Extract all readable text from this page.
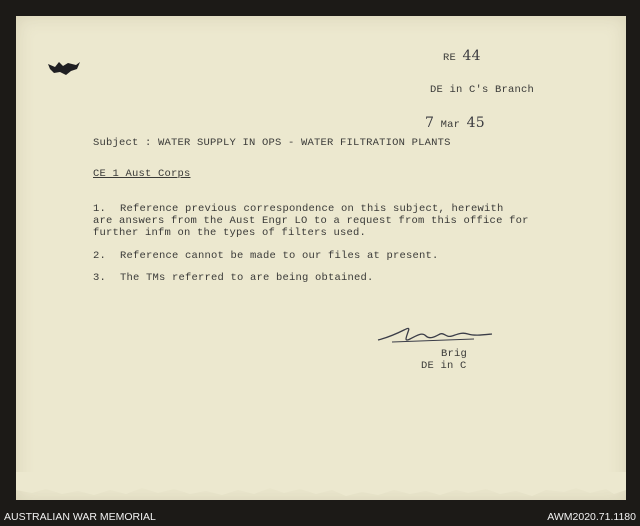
RE 44
DE in C's Branch
7 Mar 45
Subject : WATER SUPPLY IN OPS - WATER FILTRATION PLANTS
CE 1 Aust Corps
1. Reference previous correspondence on this subject, herewith
are answers from the Aust Engr LO to a request from this office for
further infm on the types of filters used.
2. Reference cannot be made to our files at present.
3. The TMs referred to are being obtained.
Brig
DE in C
AUSTRALIAN WAR MEMORIAL	AWM2020.71.1180
